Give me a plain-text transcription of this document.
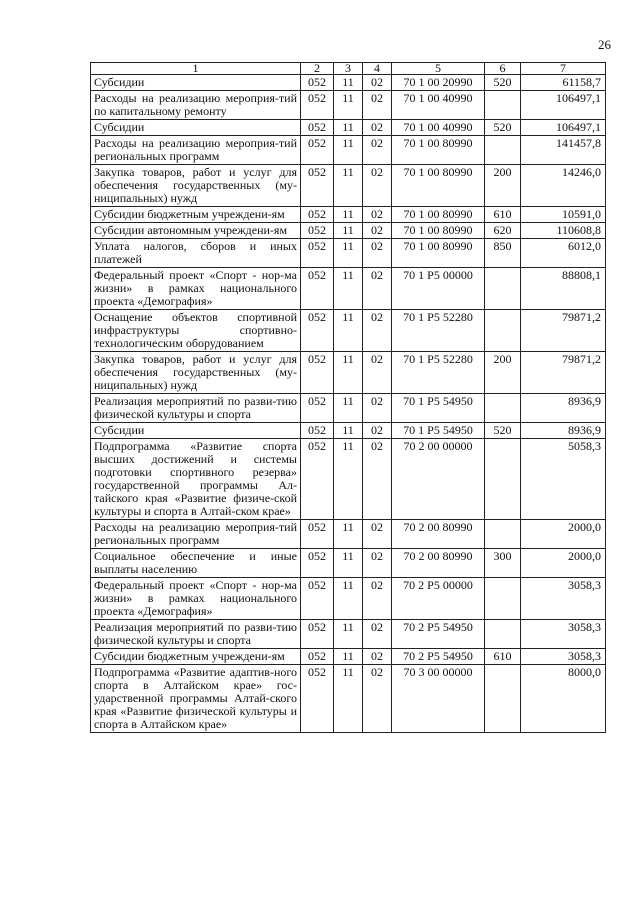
26
1	2	3	4	5	6	7
Субсидии	052	11	02	70 1 00 20990	520	61158,7
Расходы на реализацию мероприя-тий по капитальному ремонту	052	11	02	70 1 00 40990		106497,1
Субсидии	052	11	02	70 1 00 40990	520	106497,1
Расходы на реализацию мероприя-тий региональных программ	052	11	02	70 1 00 80990		141457,8
Закупка товаров, работ и услуг для обеспечения государственных (му-ниципальных) нужд	052	11	02	70 1 00 80990	200	14246,0
Субсидии бюджетным учреждени-ям	052	11	02	70 1 00 80990	610	10591,0
Субсидии автономным учреждени-ям	052	11	02	70 1 00 80990	620	110608,8
Уплата налогов, сборов и иных платежей	052	11	02	70 1 00 80990	850	6012,0
Федеральный проект «Спорт - нор-ма жизни» в рамках национального проекта «Демография»	052	11	02	70 1 P5 00000		88808,1
Оснащение объектов спортивной инфраструктуры спортивно-технологическим оборудованием	052	11	02	70 1 P5 52280		79871,2
Закупка товаров, работ и услуг для обеспечения государственных (му-ниципальных) нужд	052	11	02	70 1 P5 52280	200	79871,2
Реализация мероприятий по разви-тию физической культуры и спорта	052	11	02	70 1 P5 54950		8936,9
Субсидии	052	11	02	70 1 P5 54950	520	8936,9
Подпрограмма «Развитие спорта высших достижений и системы подготовки спортивного резерва» государственной программы Ал-тайского края «Развитие физиче-ской культуры и спорта в Алтай-ском крае»	052	11	02	70 2 00 00000		5058,3
Расходы на реализацию мероприя-тий региональных программ	052	11	02	70 2 00 80990		2000,0
Социальное обеспечение и иные выплаты населению	052	11	02	70 2 00 80990	300	2000,0
Федеральный проект «Спорт - нор-ма жизни» в рамках национального проекта «Демография»	052	11	02	70 2 P5 00000		3058,3
Реализация мероприятий по разви-тию физической культуры и спорта	052	11	02	70 2 P5 54950		3058,3
Субсидии бюджетным учреждени-ям	052	11	02	70 2 P5 54950	610	3058,3
Подпрограмма «Развитие адаптив-ного спорта в Алтайском крае» гос-ударственной программы Алтай-ского края «Развитие физической культуры и спорта в Алтайском крае»	052	11	02	70 3 00 00000		8000,0
